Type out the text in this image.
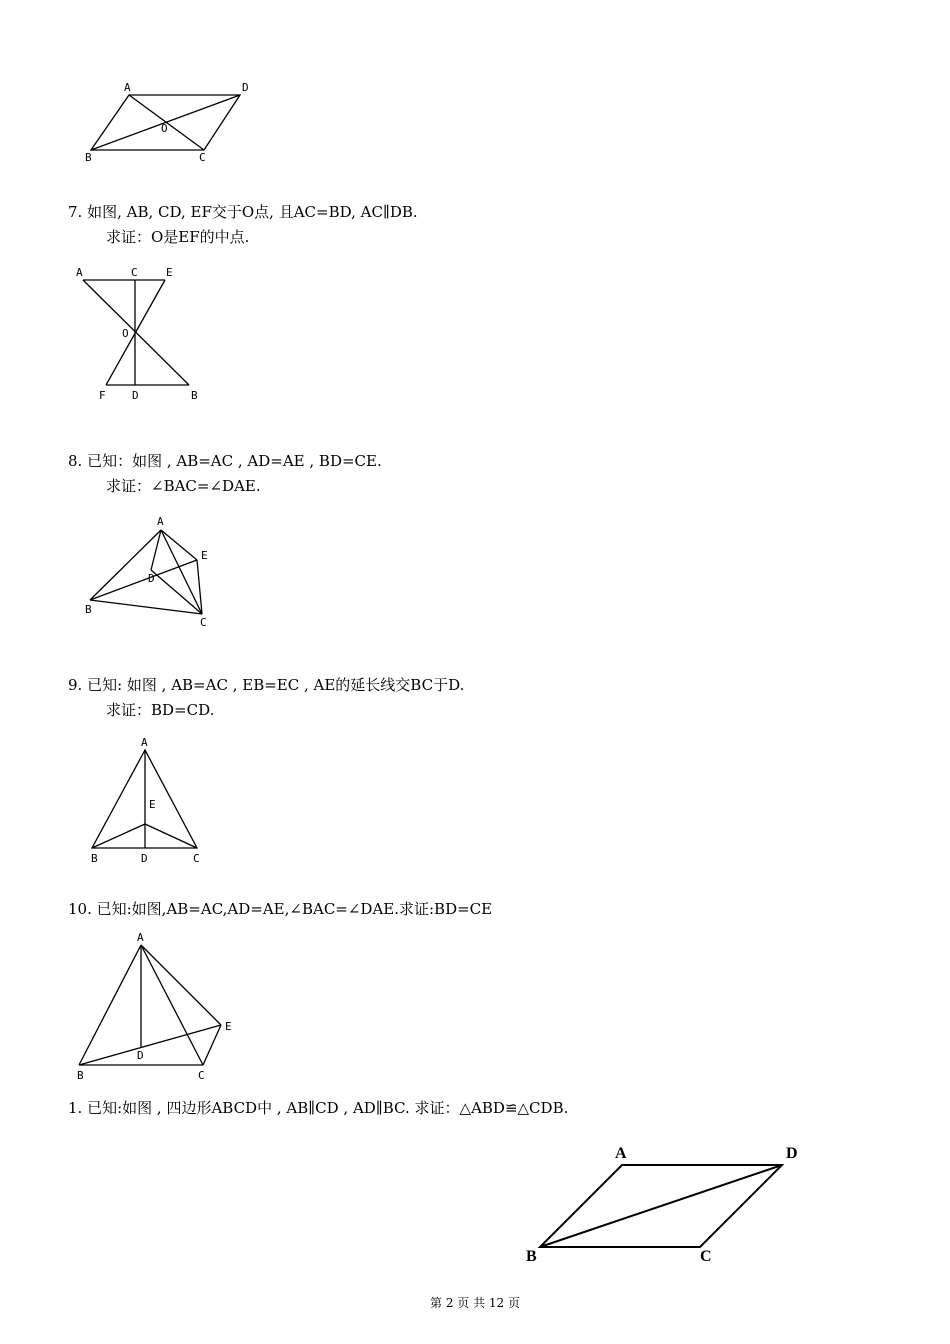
A	D
O
B	C
7. 如图, AB, CD, EF交于O点, 且AC=BD, AC∥DB.
求证：O是EF的中点.
A	C	E
O
F D	B
8. 已知：如图 , AB=AC , AD=AE , BD=CE.
求证：∠BAC=∠DAE.
A
E
D
B
C
9. 已知: 如图 , AB=AC , EB=EC , AE的延长线交BC于D.
求证：BD=CD.
A
E
B	D	C
10. 已知:如图,AB=AC,AD=AE,∠BAC=∠DAE.求证:BD=CE
A
E
D
B	C
1. 已知:如图 , 四边形ABCD中 , AB∥CD , AD∥BC. 求证：△ABD≌△CDB.
A	D
B	C
第 2 页 共 12 页
